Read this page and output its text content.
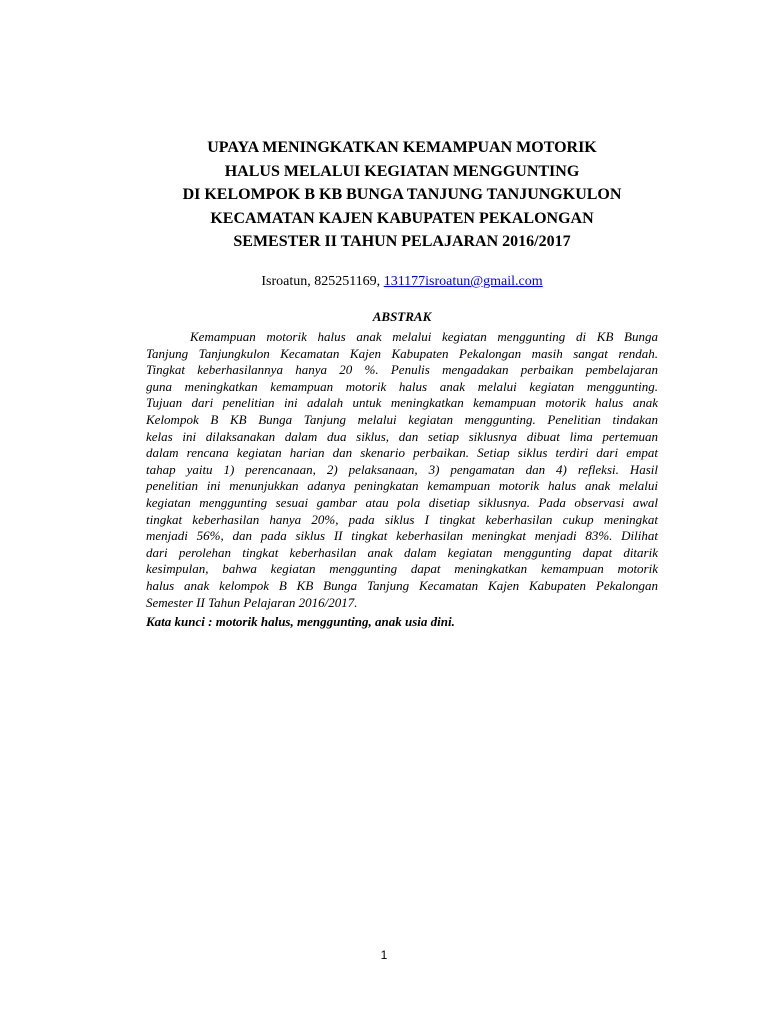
UPAYA MENINGKATKAN KEMAMPUAN MOTORIK
HALUS MELALUI KEGIATAN MENGGUNTING
DI KELOMPOK B KB BUNGA TANJUNG TANJUNGKULON
KECAMATAN KAJEN KABUPATEN PEKALONGAN
SEMESTER II TAHUN PELAJARAN 2016/2017
Isroatun, 825251169, 131177isroatun@gmail.com
ABSTRAK
Kemampuan motorik halus anak melalui kegiatan menggunting di KB Bunga
Tanjung Tanjungkulon Kecamatan Kajen Kabupaten Pekalongan masih sangat rendah.
Tingkat keberhasilannya hanya 20 %. Penulis mengadakan perbaikan pembelajaran
guna meningkatkan kemampuan motorik halus anak melalui kegiatan menggunting.
Tujuan dari penelitian ini adalah untuk meningkatkan kemampuan motorik halus anak
Kelompok B KB Bunga Tanjung melalui kegiatan menggunting. Penelitian tindakan
kelas ini dilaksanakan dalam dua siklus, dan setiap siklusnya dibuat lima pertemuan
dalam rencana kegiatan harian dan skenario perbaikan. Setiap siklus terdiri dari empat
tahap yaitu 1) perencanaan, 2) pelaksanaan, 3) pengamatan dan 4) refleksi. Hasil
penelitian ini menunjukkan adanya peningkatan kemampuan motorik halus anak melalui
kegiatan menggunting sesuai gambar atau pola disetiap siklusnya. Pada observasi awal
tingkat keberhasilan hanya 20%, pada siklus I tingkat keberhasilan cukup meningkat
menjadi 56%, dan pada siklus II tingkat keberhasilan meningkat menjadi 83%. Dilihat
dari perolehan tingkat keberhasilan anak dalam kegiatan menggunting dapat ditarik
kesimpulan, bahwa kegiatan menggunting dapat meningkatkan kemampuan motorik
halus anak kelompok B KB Bunga Tanjung Kecamatan Kajen Kabupaten Pekalongan
Semester II Tahun Pelajaran 2016/2017.
Kata kunci : motorik halus, menggunting, anak usia dini.
1
